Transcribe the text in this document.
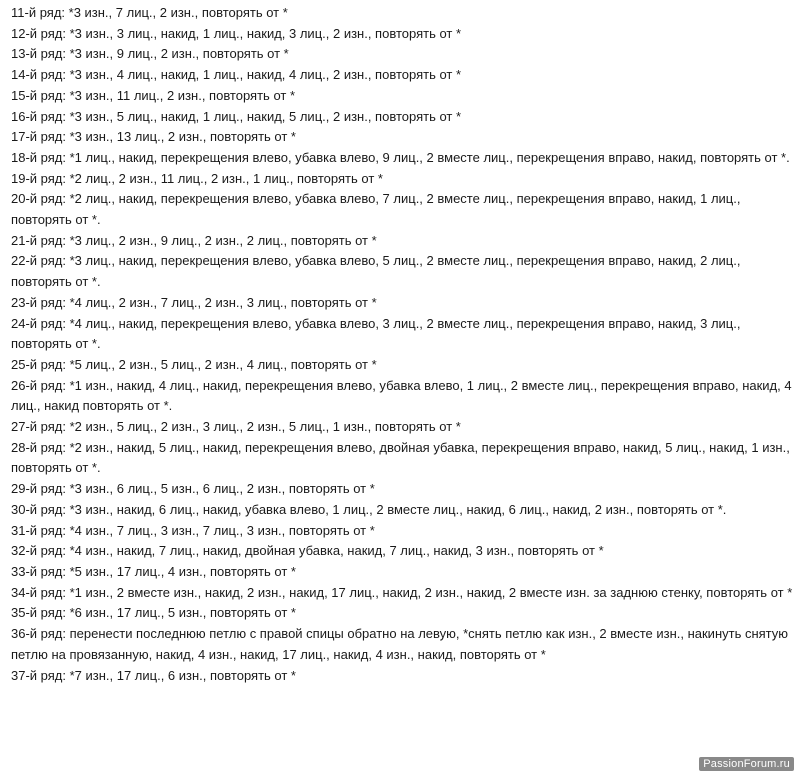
11-й ряд: *3 изн., 7 лиц., 2 изн., повторять от *
12-й ряд: *3 изн., 3 лиц., накид, 1 лиц., накид, 3 лиц., 2 изн., повторять от *
13-й ряд: *3 изн., 9 лиц., 2 изн., повторять от *
14-й ряд: *3 изн., 4 лиц., накид, 1 лиц., накид, 4 лиц., 2 изн., повторять от *
15-й ряд: *3 изн., 11 лиц., 2 изн., повторять от *
16-й ряд: *3 изн., 5 лиц., накид, 1 лиц., накид, 5 лиц., 2 изн., повторять от *
17-й ряд: *3 изн., 13 лиц., 2 изн., повторять от *
18-й ряд: *1 лиц., накид, перекрещения влево, убавка влево, 9 лиц., 2 вместе лиц., перекрещения вправо, накид, повторять от *.
19-й ряд: *2 лиц., 2 изн., 11 лиц., 2 изн., 1 лиц., повторять от *
20-й ряд: *2 лиц., накид, перекрещения влево, убавка влево, 7 лиц., 2 вместе лиц., перекрещения вправо, накид, 1 лиц., повторять от *.
21-й ряд: *3 лиц., 2 изн., 9 лиц., 2 изн., 2 лиц., повторять от *
22-й ряд: *3 лиц., накид, перекрещения влево, убавка влево, 5 лиц., 2 вместе лиц., перекрещения вправо, накид, 2 лиц., повторять от *.
23-й ряд: *4 лиц., 2 изн., 7 лиц., 2 изн., 3 лиц., повторять от *
24-й ряд: *4 лиц., накид, перекрещения влево, убавка влево, 3 лиц., 2 вместе лиц., перекрещения вправо, накид, 3 лиц., повторять от *.
25-й ряд: *5 лиц., 2 изн., 5 лиц., 2 изн., 4 лиц., повторять от *
26-й ряд: *1 изн., накид, 4 лиц., накид, перекрещения влево, убавка влево, 1 лиц., 2 вместе лиц., перекрещения вправо, накид, 4 лиц., накид повторять от *.
27-й ряд: *2 изн., 5 лиц., 2 изн., 3 лиц., 2 изн., 5 лиц., 1 изн., повторять от *
28-й ряд: *2 изн., накид, 5 лиц., накид, перекрещения влево, двойная убавка, перекрещения вправо, накид, 5 лиц., накид, 1 изн., повторять от *.
29-й ряд: *3 изн., 6 лиц., 5 изн., 6 лиц., 2 изн., повторять от *
30-й ряд: *3 изн., накид, 6 лиц., накид, убавка влево, 1 лиц., 2 вместе лиц., накид, 6 лиц., накид, 2 изн., повторять от *.
31-й ряд: *4 изн., 7 лиц., 3 изн., 7 лиц., 3 изн., повторять от *
32-й ряд: *4 изн., накид, 7 лиц., накид, двойная убавка, накид, 7 лиц., накид, 3 изн., повторять от *
33-й ряд: *5 изн., 17 лиц., 4 изн., повторять от *
34-й ряд: *1 изн., 2 вместе изн., накид, 2 изн., накид, 17 лиц., накид, 2 изн., накид, 2 вместе изн. за заднюю стенку, повторять от *
35-й ряд: *6 изн., 17 лиц., 5 изн., повторять от *
36-й ряд: перенести последнюю петлю с правой спицы обратно на левую, *снять петлю как изн., 2 вместе изн., накинуть снятую петлю на провязанную, накид, 4 изн., накид, 17 лиц., накид, 4 изн., накид, повторять от *
37-й ряд: *7 изн., 17 лиц., 6 изн., повторять от *
PassionForum.ru
